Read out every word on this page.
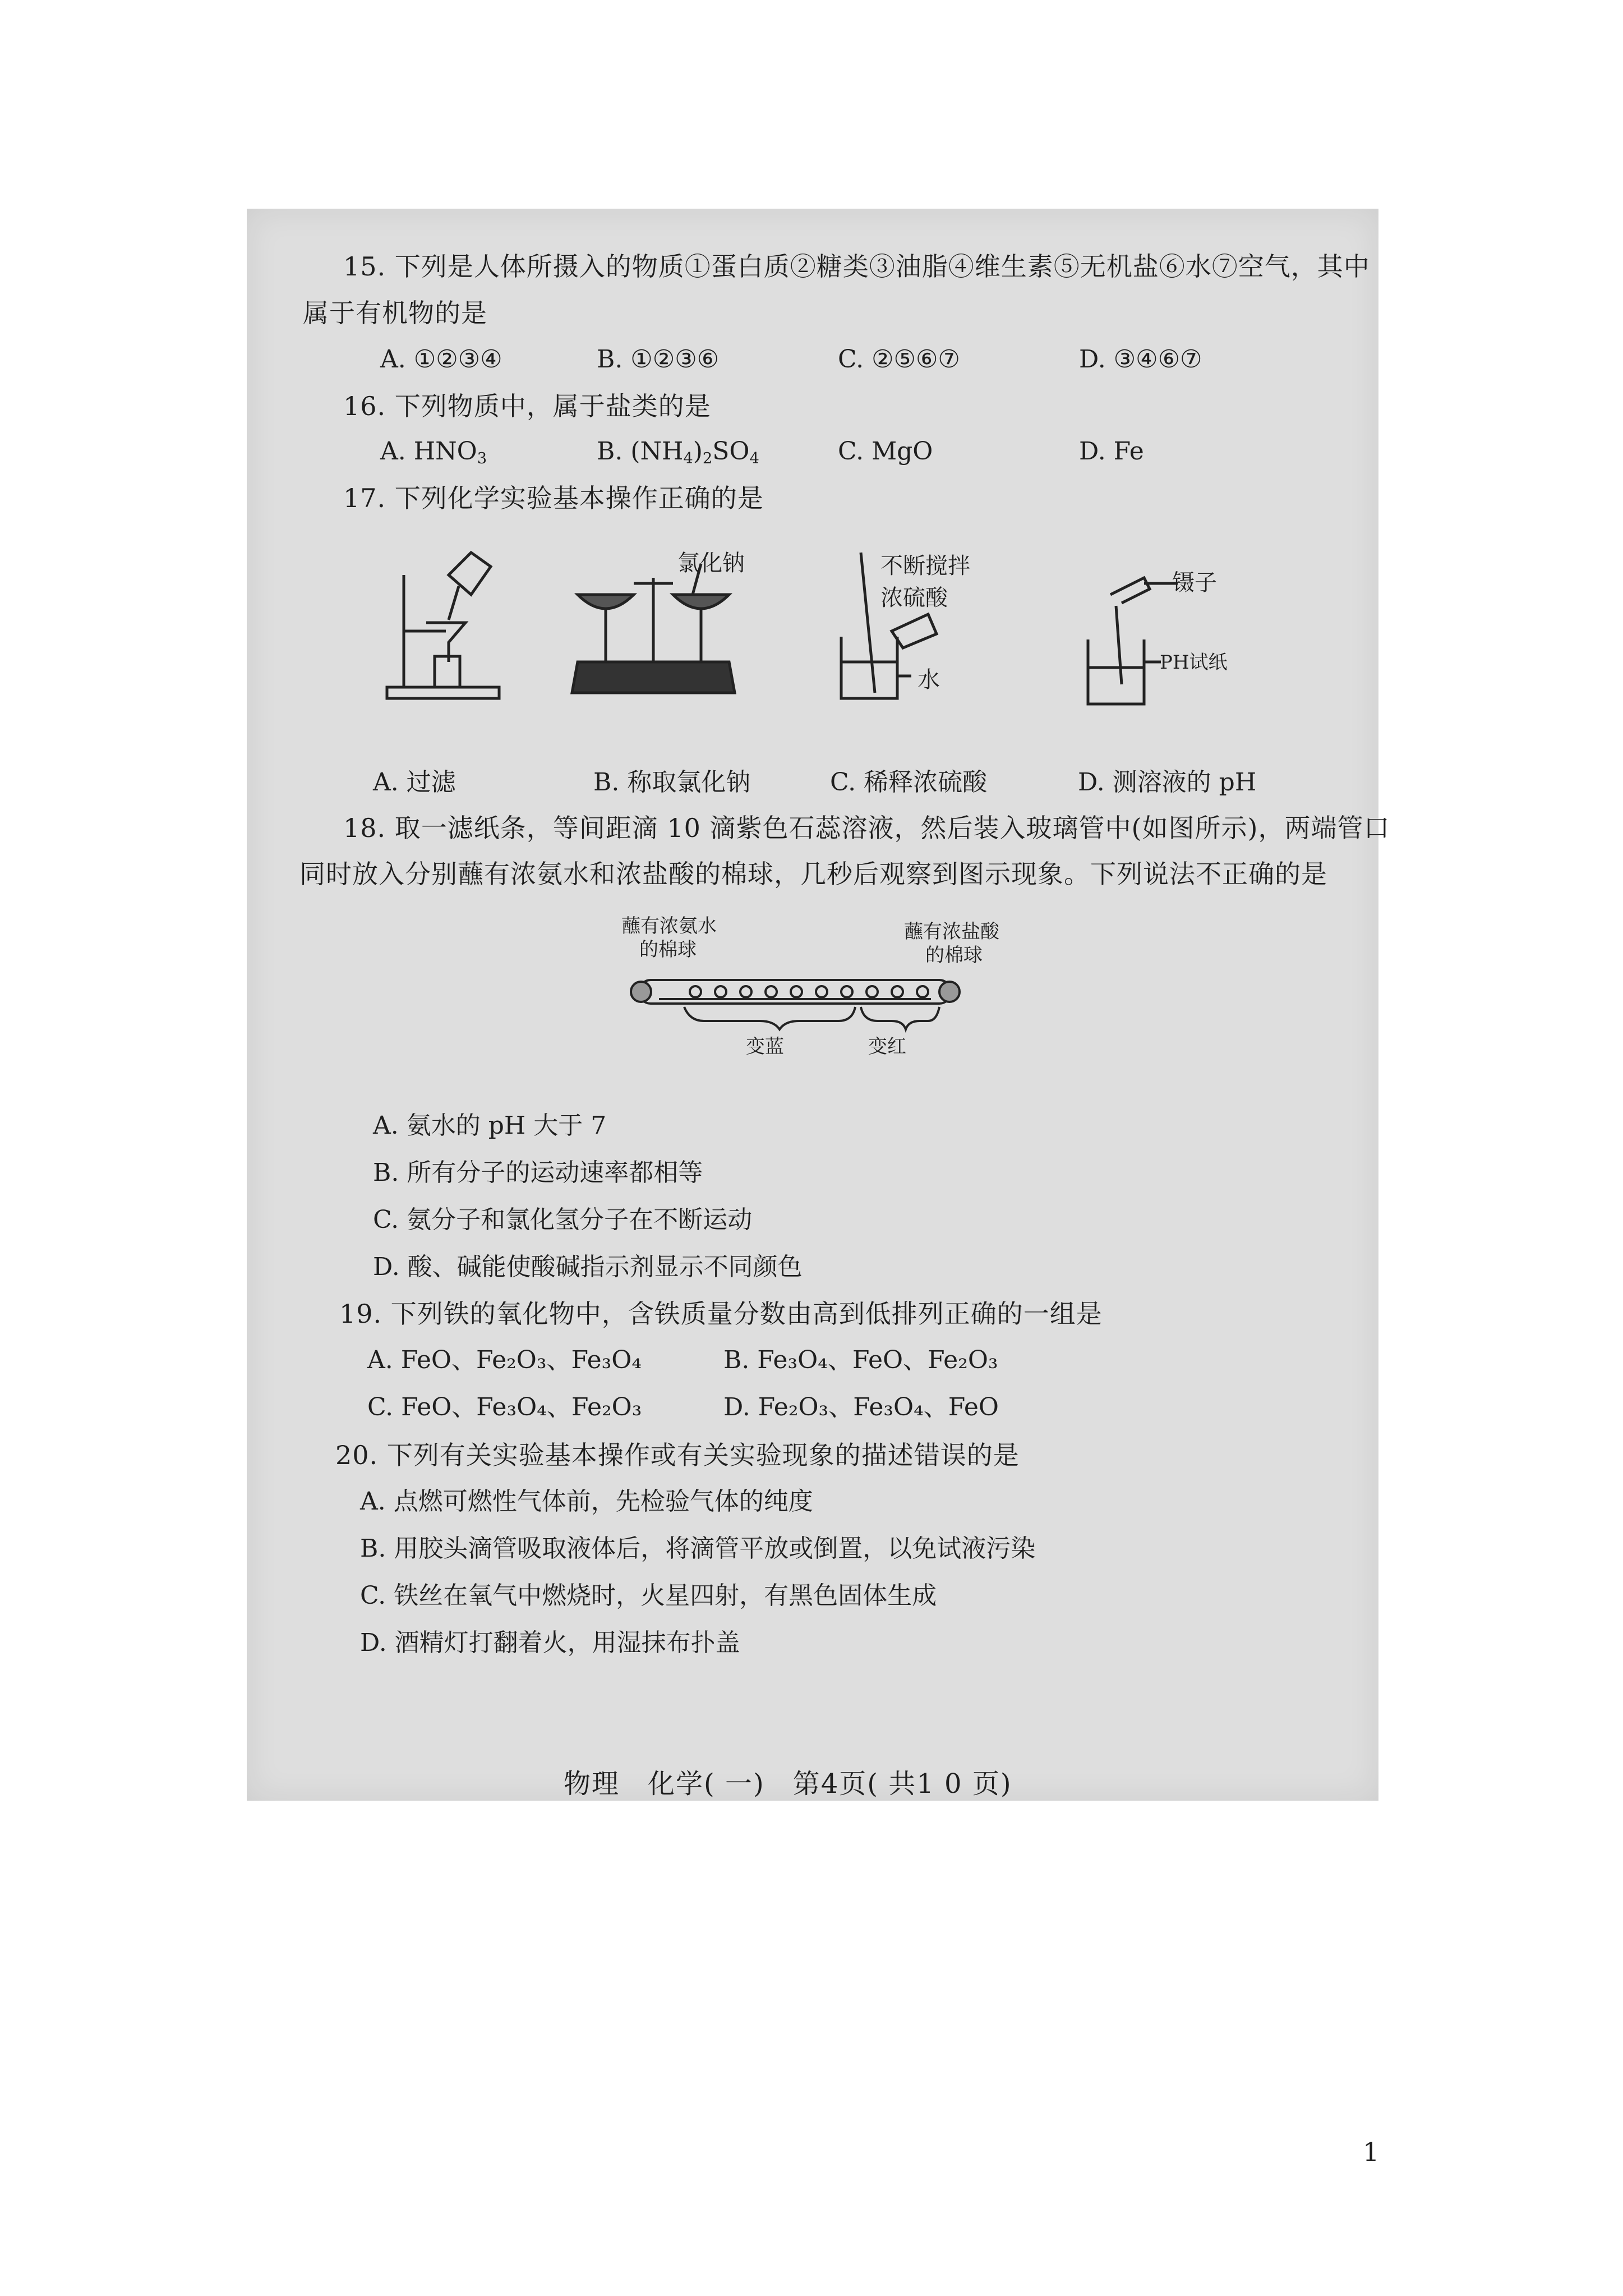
15. 下列是人体所摄入的物质①蛋白质②糖类③油脂④维生素⑤无机盐⑥水⑦空气，其中
属于有机物的是
A. ①②③④	B. ①②③⑥	C. ②⑤⑥⑦	D. ③④⑥⑦
16. 下列物质中，属于盐类的是
A. $HNO_3$	B. $(NH_4)_2SO_4$	C. MgO	D. Fe
17. 下列化学实验基本操作正确的是
氯化钠	不断搅拌
浓硫酸
水
镊子
PH试纸
A. 过滤	B. 称取氯化钠	C. 稀释浓硫酸	D. 测溶液的 pH
18. 取一滤纸条，等间距滴 10 滴紫色石蕊溶液，然后装入玻璃管中(如图所示)，两端管口
同时放入分别蘸有浓氨水和浓盐酸的棉球，几秒后观察到图示现象。下列说法不正确的是
蘸有浓氨水
的棉球
蘸有浓盐酸
的棉球
变蓝	变红
A. 氨水的 pH 大于 7
B. 所有分子的运动速率都相等
C. 氨分子和氯化氢分子在不断运动
D. 酸、碱能使酸碱指示剂显示不同颜色
19. 下列铁的氧化物中，含铁质量分数由高到低排列正确的一组是
A. FeO、Fe₂O₃、Fe₃O₄	B. Fe₃O₄、FeO、Fe₂O₃
C. FeO、Fe₃O₄、Fe₂O₃	D. Fe₂O₃、Fe₃O₄、FeO
20. 下列有关实验基本操作或有关实验现象的描述错误的是
A. 点燃可燃性气体前，先检验气体的纯度
B. 用胶头滴管吸取液体后，将滴管平放或倒置，以免试液污染
C. 铁丝在氧气中燃烧时，火星四射，有黑色固体生成
D. 酒精灯打翻着火，用湿抹布扑盖
物理　化学( 一)　第4页( 共1 0 页)
1
